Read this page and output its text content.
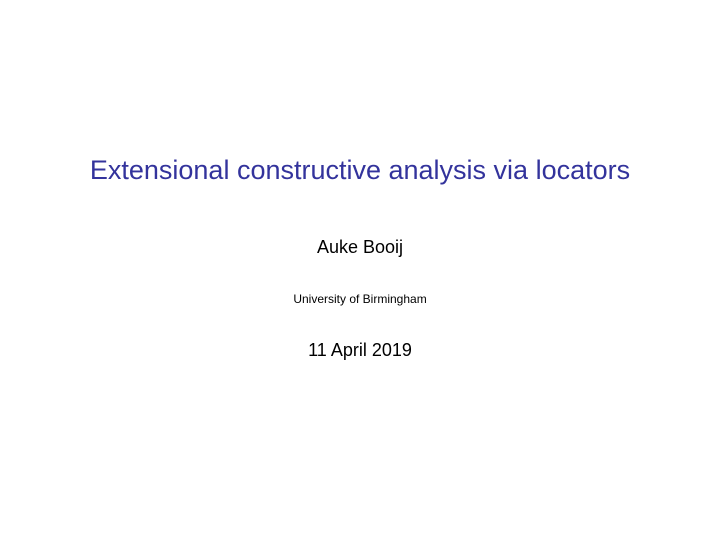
Extensional constructive analysis via locators
Auke Booij
University of Birmingham
11 April 2019
